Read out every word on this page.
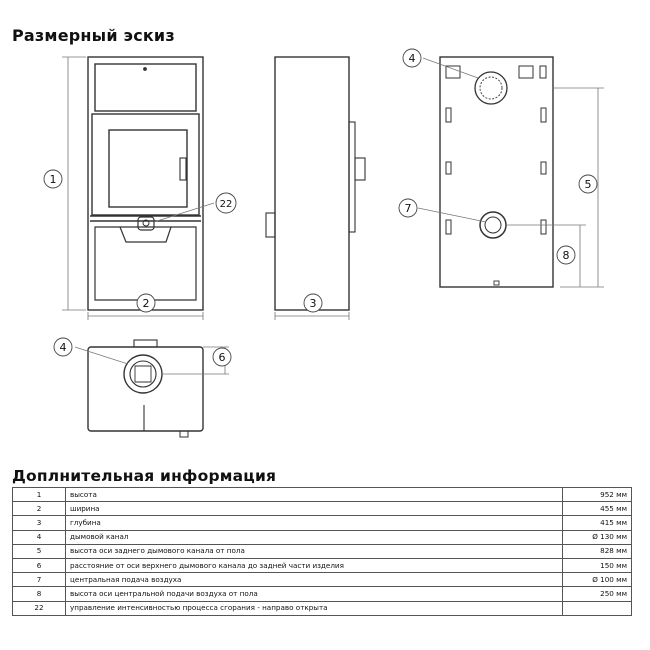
Размерный эскиз
1
2	3
22
4
5
7
8
4
6
Доплнительная информация
1	высота	952 мм
2	ширина	455 мм
3	глубина	415 мм
4	дымовой канал	Ø 130 мм
5	высота оси заднего дымового канала от пола	828 мм
6	расстояние от оси верхнего дымового канала до задней части изделия	150 мм
7	центральная подача воздуха	Ø 100 мм
8	высота оси центральной подачи воздуха от пола	250 мм
22	управление интенсивностью процесса сгорания - направо открыта	
